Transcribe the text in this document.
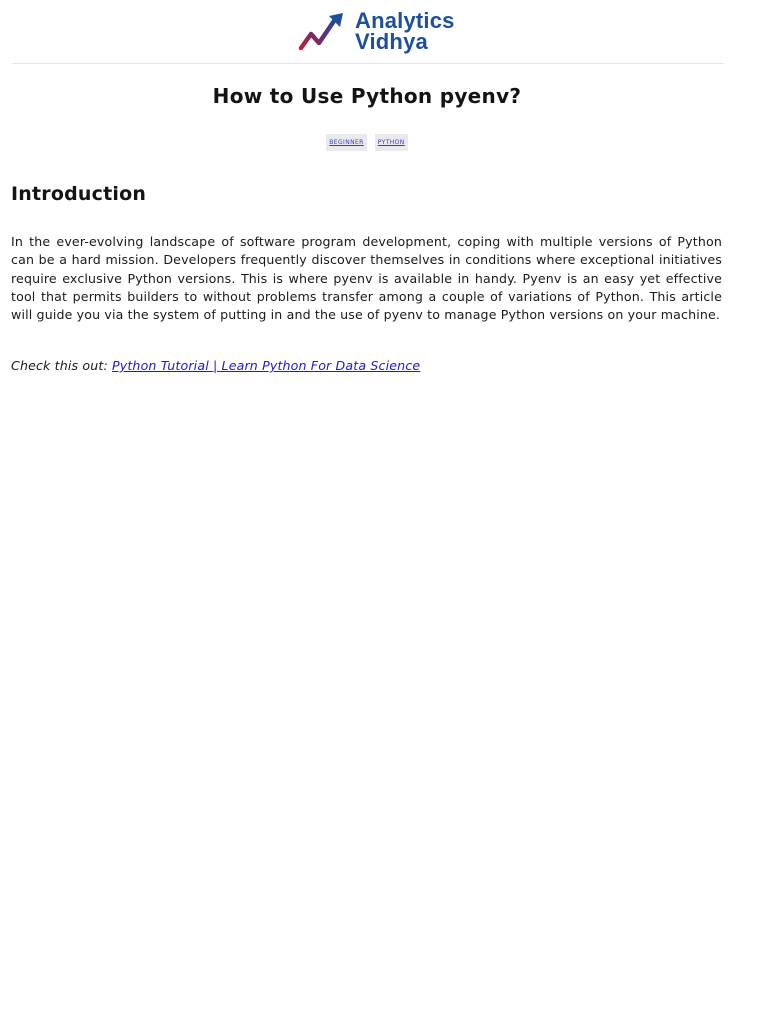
Analytics
Vidhya
How to Use Python pyenv?
BEGINNER PYTHON
Introduction

In the ever-evolving landscape of software program development, coping with multiple versions of Python can be a hard mission. Developers frequently discover themselves in conditions where exceptional initiatives require exclusive Python versions. This is where pyenv is available in handy. Pyenv is an easy yet effective tool that permits builders to without problems transfer among a couple of variations of Python. This article will guide you via the system of putting in and the use of pyenv to manage Python versions on your machine.

Check this out: Python Tutorial | Learn Python For Data Science
